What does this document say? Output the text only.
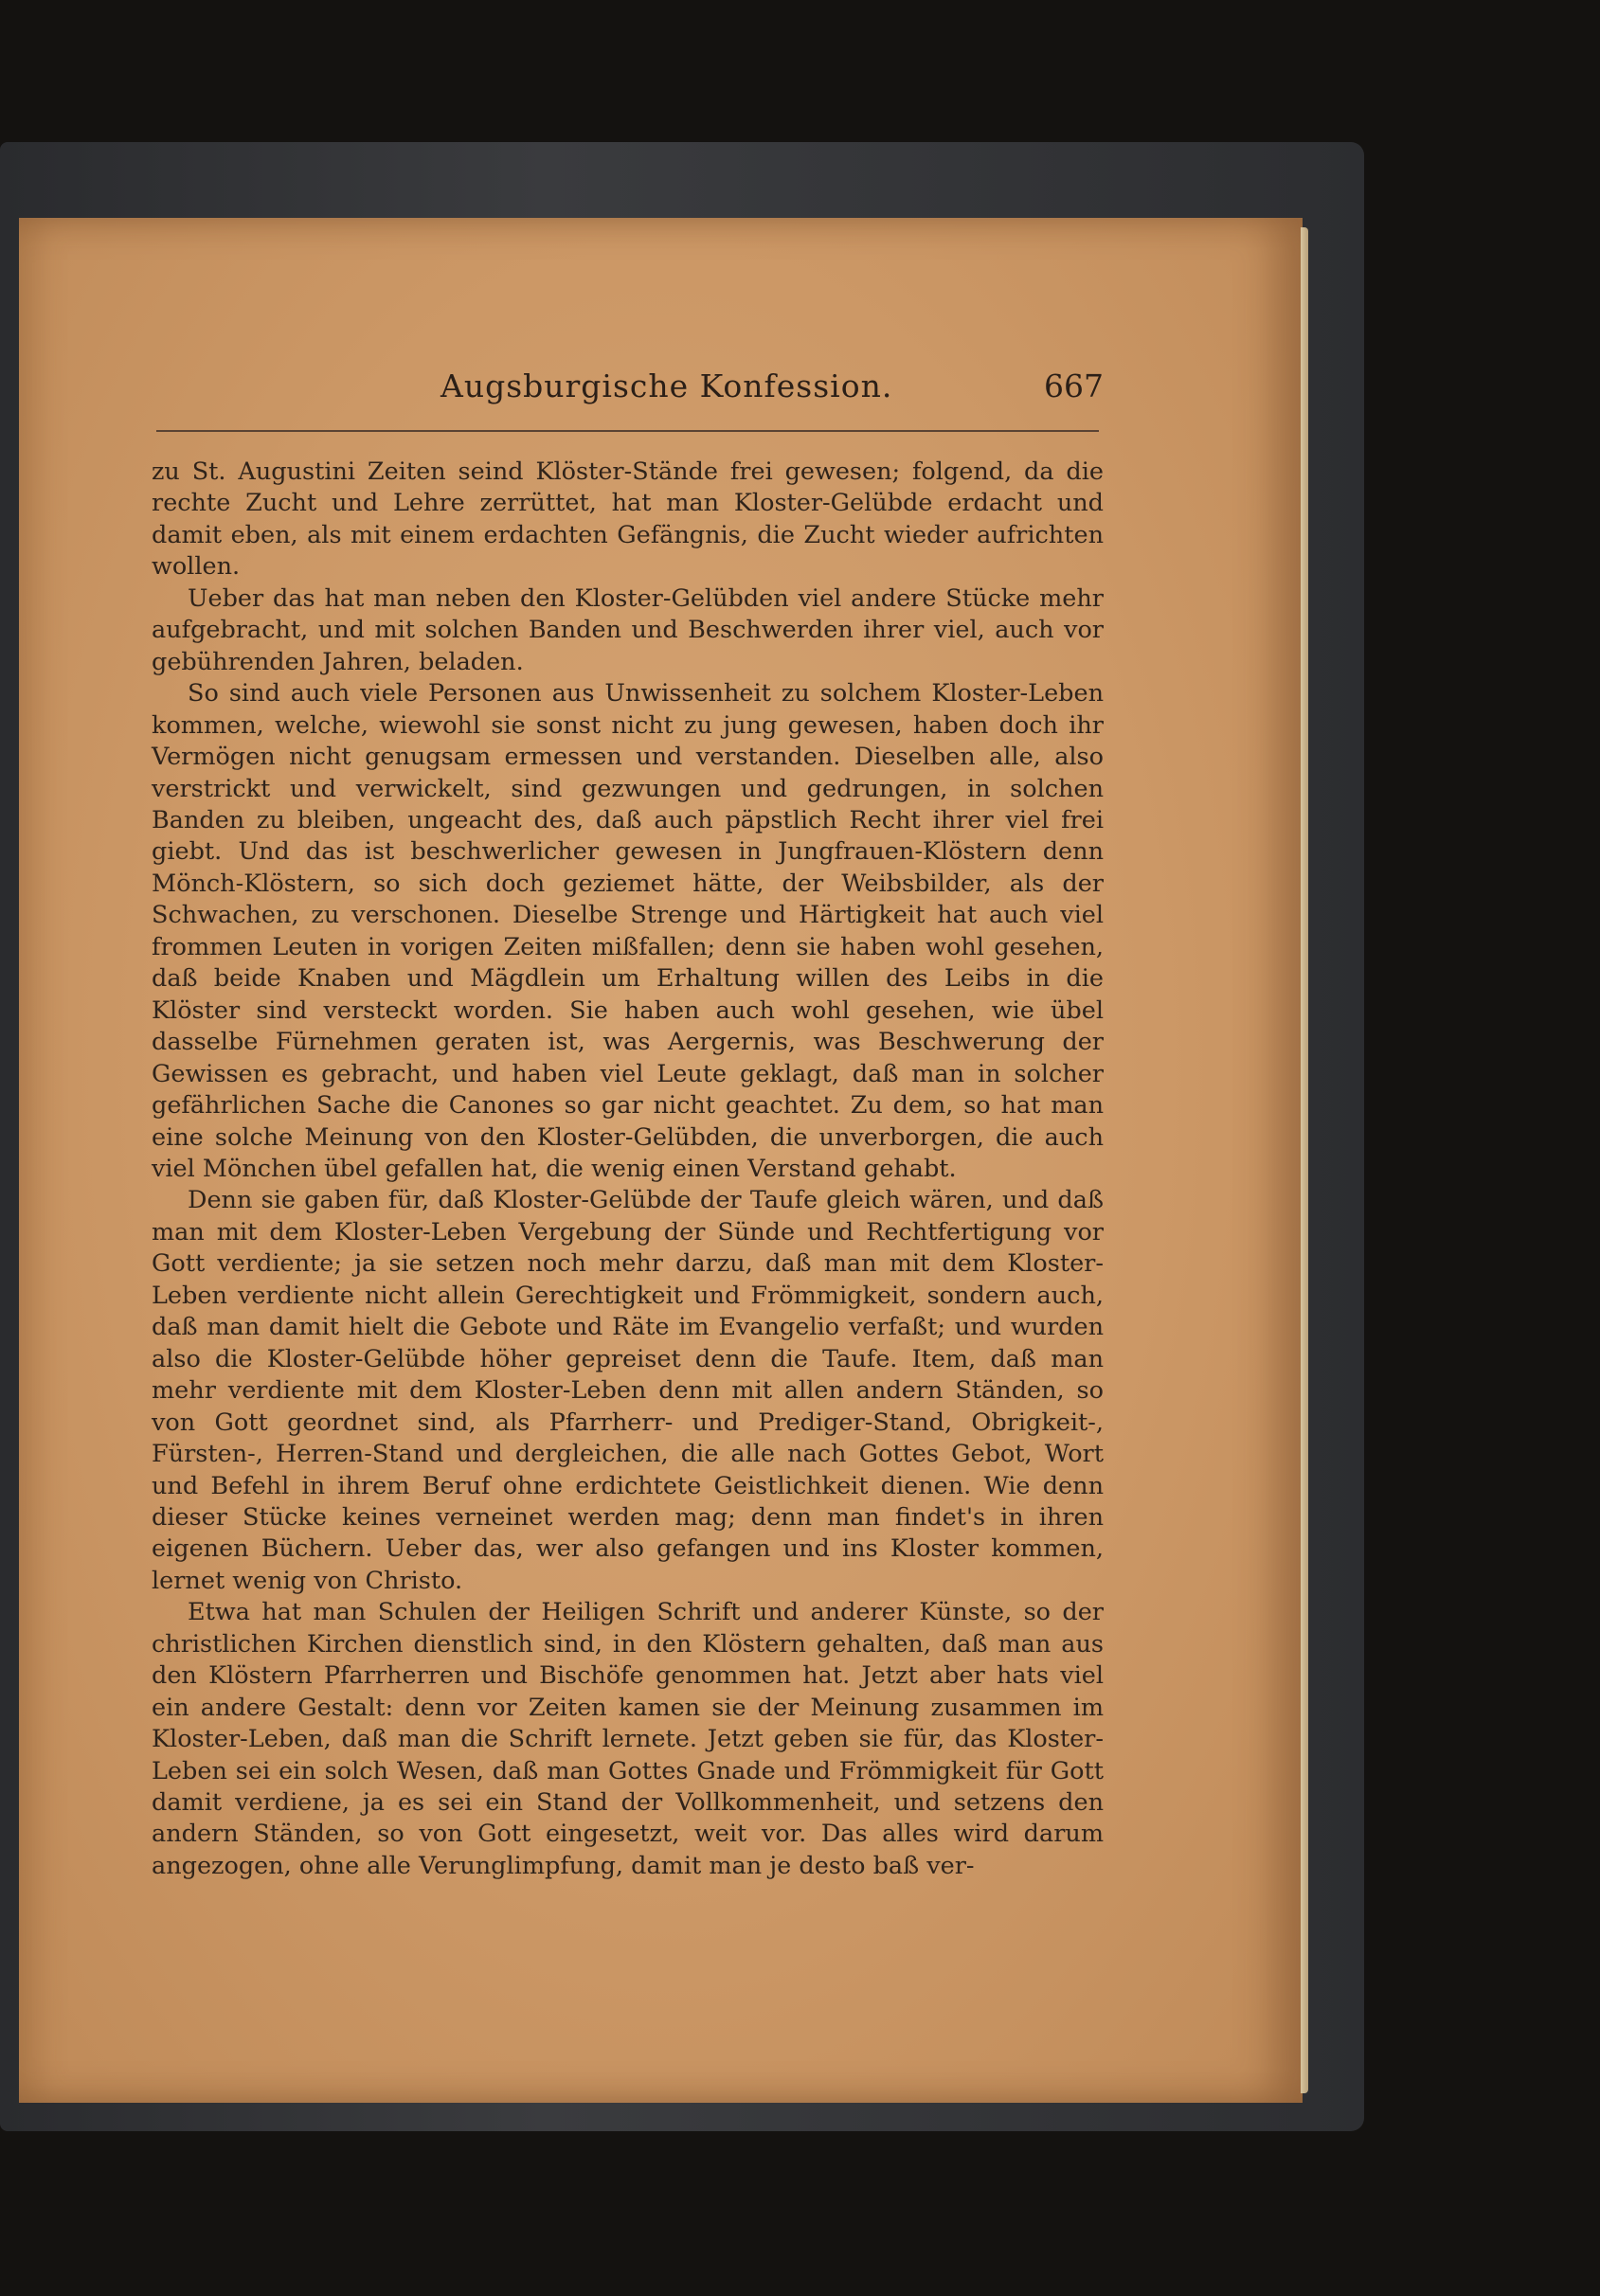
Augsburgische Konfession.	667

zu St. Augustini Zeiten seind Klöster-Stände frei gewesen; folgend, da die rechte Zucht und Lehre zerrüttet, hat man Kloster-Gelübde erdacht und damit eben, als mit einem erdachten Gefängnis, die Zucht wieder aufrichten wollen.

Ueber das hat man neben den Kloster-Gelübden viel andere Stücke mehr aufgebracht, und mit solchen Banden und Beschwerden ihrer viel, auch vor gebührenden Jahren, beladen.

So sind auch viele Personen aus Unwissenheit zu solchem Kloster-Leben kommen, welche, wiewohl sie sonst nicht zu jung gewesen, haben doch ihr Vermögen nicht genugsam ermessen und verstanden. Dieselben alle, also verstrickt und verwickelt, sind gezwungen und gedrungen, in solchen Banden zu bleiben, ungeacht des, daß auch päpstlich Recht ihrer viel frei giebt. Und das ist beschwerlicher gewesen in Jungfrauen-Klöstern denn Mönch-Klöstern, so sich doch geziemet hätte, der Weibsbilder, als der Schwachen, zu verschonen. Dieselbe Strenge und Härtigkeit hat auch viel frommen Leuten in vorigen Zeiten mißfallen; denn sie haben wohl gesehen, daß beide Knaben und Mägdlein um Erhaltung willen des Leibs in die Klöster sind versteckt worden. Sie haben auch wohl gesehen, wie übel dasselbe Fürnehmen geraten ist, was Aergernis, was Beschwerung der Gewissen es gebracht, und haben viel Leute geklagt, daß man in solcher gefährlichen Sache die Canones so gar nicht geachtet. Zu dem, so hat man eine solche Meinung von den Kloster-Gelübden, die unverborgen, die auch viel Mönchen übel gefallen hat, die wenig einen Verstand gehabt.

Denn sie gaben für, daß Kloster-Gelübde der Taufe gleich wären, und daß man mit dem Kloster-Leben Vergebung der Sünde und Rechtfertigung vor Gott verdiente; ja sie setzen noch mehr darzu, daß man mit dem Kloster-Leben verdiente nicht allein Gerechtigkeit und Frömmigkeit, sondern auch, daß man damit hielt die Gebote und Räte im Evangelio verfaßt; und wurden also die Kloster-Gelübde höher gepreiset denn die Taufe. Item, daß man mehr verdiente mit dem Kloster-Leben denn mit allen andern Ständen, so von Gott geordnet sind, als Pfarrherr- und Prediger-Stand, Obrigkeit-, Fürsten-, Herren-Stand und dergleichen, die alle nach Gottes Gebot, Wort und Befehl in ihrem Beruf ohne erdichtete Geistlichkeit dienen. Wie denn dieser Stücke keines verneinet werden mag; denn man findet's in ihren eigenen Büchern. Ueber das, wer also gefangen und ins Kloster kommen, lernet wenig von Christo.

Etwa hat man Schulen der Heiligen Schrift und anderer Künste, so der christlichen Kirchen dienstlich sind, in den Klöstern gehalten, daß man aus den Klöstern Pfarrherren und Bischöfe genommen hat. Jetzt aber hats viel ein andere Gestalt: denn vor Zeiten kamen sie der Meinung zusammen im Kloster-Leben, daß man die Schrift lernete. Jetzt geben sie für, das Kloster-Leben sei ein solch Wesen, daß man Gottes Gnade und Frömmigkeit für Gott damit verdiene, ja es sei ein Stand der Vollkommenheit, und setzens den andern Ständen, so von Gott eingesetzt, weit vor. Das alles wird darum angezogen, ohne alle Verunglimpfung, damit man je desto baß ver-
